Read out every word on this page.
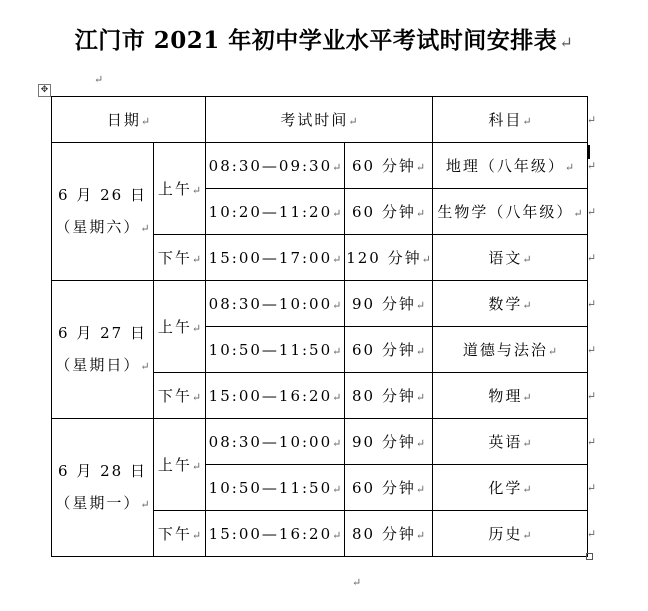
江门市 2021 年初中学业水平考试时间安排表 ↵
↵
✥
日期↵		考试时间↵		科目↵ ↵

6 月 26 日
（星期六）↵	上午↵	08:30—09:30↵	60 分钟↵	地理（八年级）↵ ↵

		10:20—11:20↵	60 分钟↵	生物学（八年级）↵ ↵

	下午↵	15:00—17:00↵	120 分钟↵	语文↵ ↵

6 月 27 日
（星期日）↵	上午↵	08:30—10:00↵	90 分钟↵	数学↵ ↵

		10:50—11:50↵	60 分钟↵	道德与法治↵ ↵

	下午↵	15:00—16:20↵	80 分钟↵	物理↵ ↵

6 月 28 日
（星期一）↵	上午↵	08:30—10:00↵	90 分钟↵	英语↵ ↵

		10:50—11:50↵	60 分钟↵	化学↵ ↵

	下午↵	15:00—16:20↵	80 分钟↵	历史↵ ↵
↵
